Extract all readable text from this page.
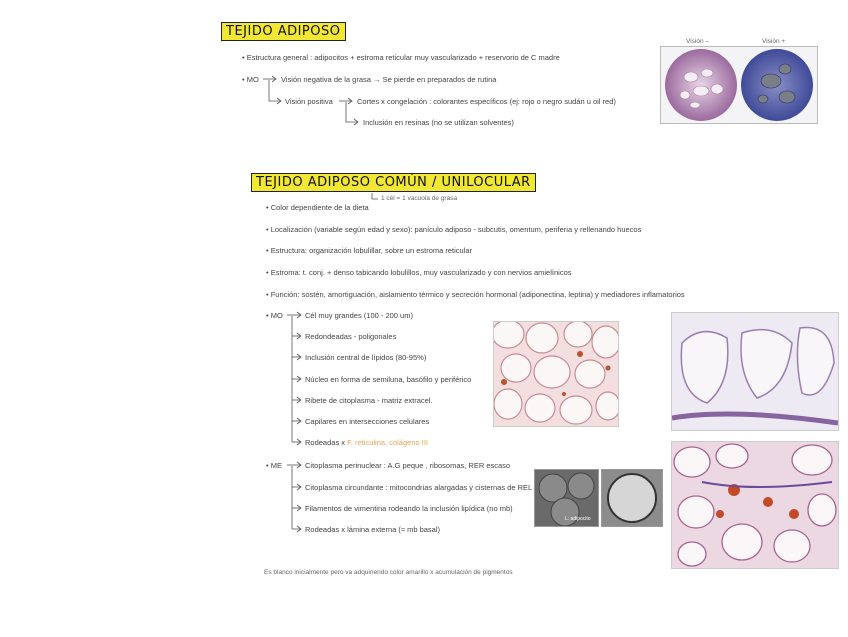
TEJIDO ADIPOSO
• Estructura general : adipocitos + estroma reticular muy vascularizado + reservorio de C madre
• MO	Visión negativa de la grasa → Se pierde en preparados de rutina
Visión positiva	Cortes x congelación : colorantes específicos (ej: rojo o negro sudán u oil red)
Inclusión en resinas (no se utilizan solventes)
Visión –	Visión +
TEJIDO ADIPOSO COMÚN / UNILOCULAR
1 cél = 1 vacuola de grasa
• Color dependiente de la dieta
• Localización (variable según edad y sexo): panículo adiposo - subcutis, omentum, periferia y rellenando huecos
• Estructura: organización lobulillar, sobre un estroma reticular
• Estroma: t. conj. + denso tabicando lobulillos, muy vascularizado y con nervios amielínicos
• Función: sostén, amortiguación, aislamiento térmico y secreción hormonal (adiponectina, leptina) y mediadores inflamatorios
• MO	Cél muy grandes (100 - 200 um)
Redondeadas - poligonales
Inclusión central de lípidos (80-95%)
Núcleo en forma de semiluna, basófilo y periférico
Ribete de citoplasma - matriz extracel.
Capilares en intersecciones celulares
Rodeadas x F. reticulina, colágeno III
• ME	Citoplasma perinuclear : A.G peque , ribosomas, RER escaso
Citoplasma circundante : mitocondrias alargadas y cisternas de REL
Filamentos de vimentina rodeando la inclusión lipídica (no mb)
Rodeadas x lámina externa (≈ mb basal)
Es blanco inicialmente pero va adquiriendo color amarillo x acumulación de pigmentos
L: adipocito
